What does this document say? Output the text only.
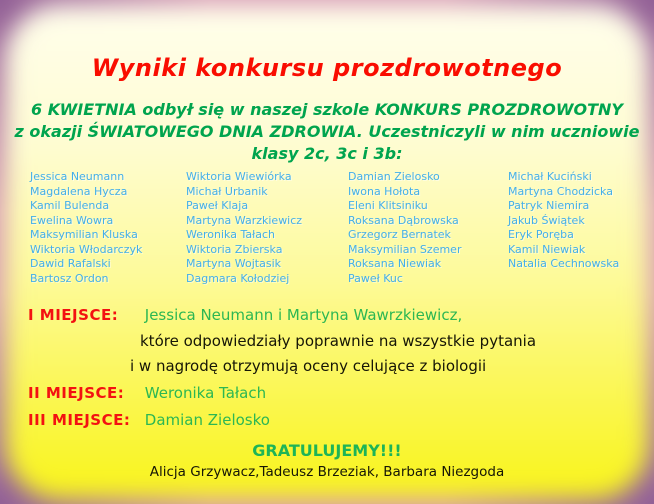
Wyniki konkursu prozdrowotnego
6 KWIETNIA odbył się w naszej szkole KONKURS PROZDROWOTNY
z okazji ŚWIATOWEGO DNIA ZDROWIA. Uczestniczyli w nim uczniowie
klasy 2c, 3c i 3b:
Jessica Neumann
Magdalena Hycza
Kamil Bulenda
Ewelina Wowra
Maksymilian Kluska
Wiktoria Włodarczyk
Dawid Rafalski
Bartosz Ordon
Wiktoria Wiewiórka
Michał Urbanik
Paweł Klaja
Martyna Warzkiewicz
Weronika Tałach
Wiktoria Zbierska
Martyna Wojtasik
Dagmara Kołodziej
Damian Zielosko
Iwona Hołota
Eleni Klitsiniku
Roksana Dąbrowska
Grzegorz Bernatek
Maksymilian Szemer
Roksana Niewiak
Paweł Kuc
Michał Kuciński
Martyna Chodzicka
Patryk Niemira
Jakub Świątek
Eryk Poręba
Kamil Niewiak
Natalia Cechnowska
I MIEJSCE: Jessica Neumann i Martyna Wawrzkiewicz,
które odpowiedziały poprawnie na wszystkie pytania
i w nagrodę otrzymują oceny celujące z biologii
II MIEJSCE: Weronika Tałach
III MIEJSCE: Damian Zielosko
GRATULUJEMY!!!
Alicja Grzywacz,Tadeusz Brzeziak, Barbara Niezgoda
